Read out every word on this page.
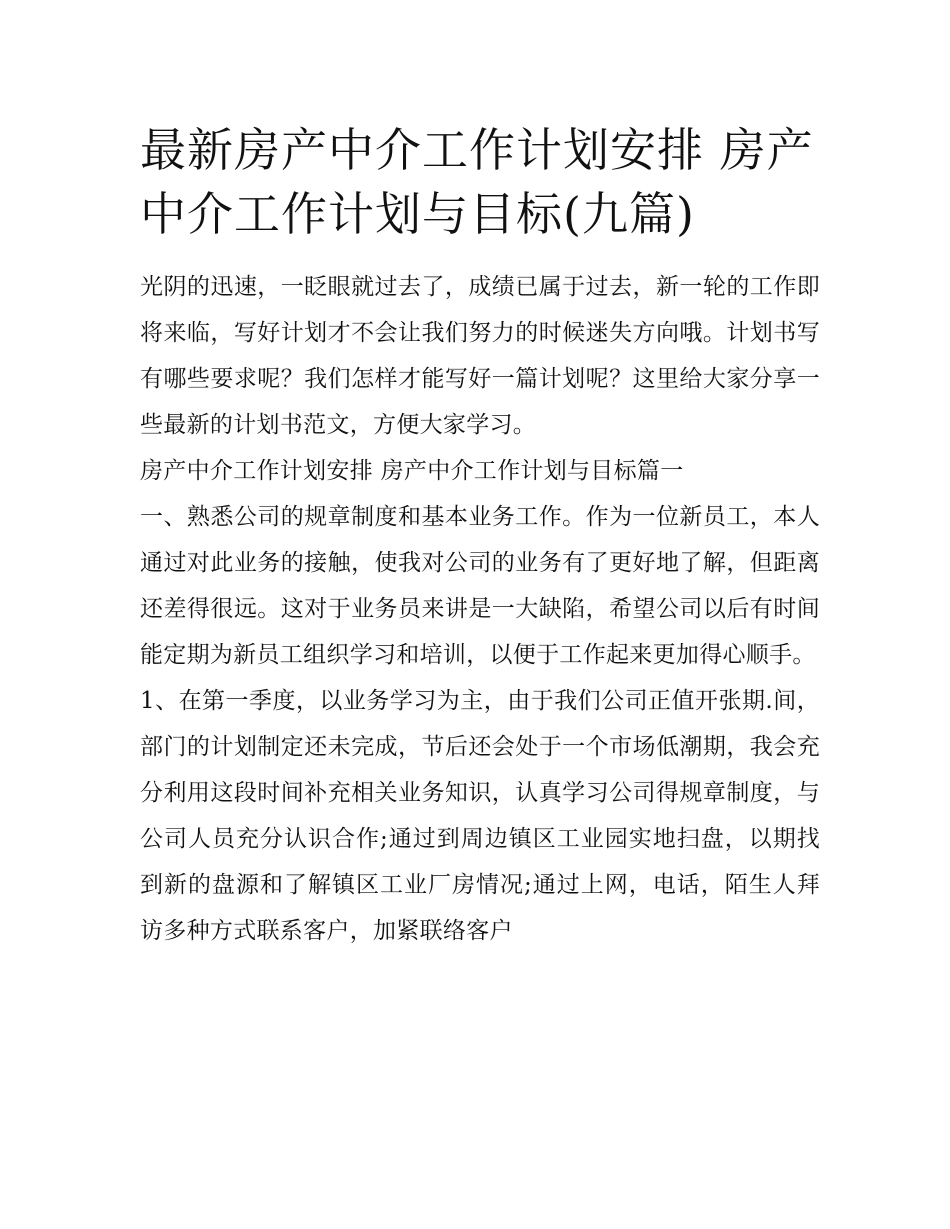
最新房产中介工作计划安排 房产中介工作计划与目标(九篇)

光阴的迅速，一眨眼就过去了，成绩已属于过去，新一轮的工作即将来临，写好计划才不会让我们努力的时候迷失方向哦。计划书写有哪些要求呢？我们怎样才能写好一篇计划呢？这里给大家分享一些最新的计划书范文，方便大家学习。

房产中介工作计划安排 房产中介工作计划与目标篇一

一、熟悉公司的规章制度和基本业务工作。作为一位新员工，本人通过对此业务的接触，使我对公司的业务有了更好地了解，但距离还差得很远。这对于业务员来讲是一大缺陷，希望公司以后有时间能定期为新员工组织学习和培训，以便于工作起来更加得心顺手。

1、在第一季度，以业务学习为主，由于我们公司正值开张期.间，部门的计划制定还未完成，节后还会处于一个市场低潮期，我会充分利用这段时间补充相关业务知识，认真学习公司得规章制度，与公司人员充分认识合作;通过到周边镇区工业园实地扫盘，以期找到新的盘源和了解镇区工业厂房情况;通过上网，电话，陌生人拜访多种方式联系客户，加紧联络客户
